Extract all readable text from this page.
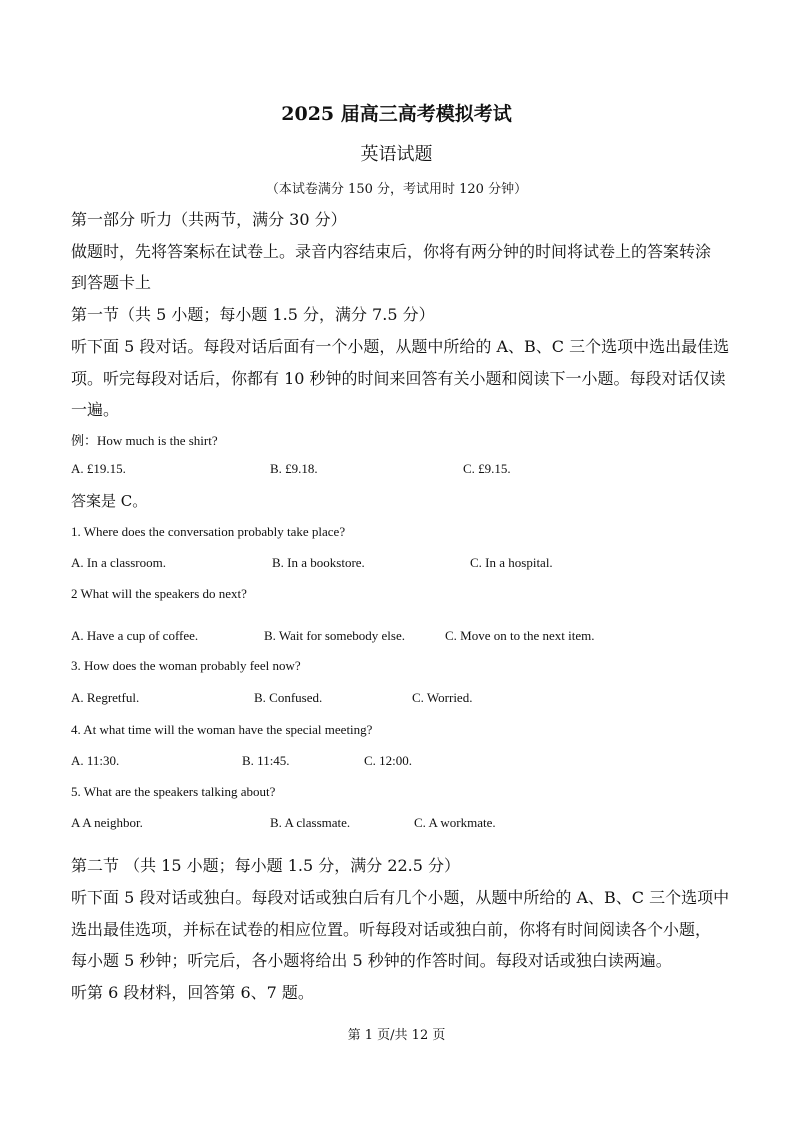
2025 届高三高考模拟考试
英语试题
（本试卷满分 150 分，考试用时 120 分钟）
第一部分 听力（共两节，满分 30 分）
做题时，先将答案标在试卷上。录音内容结束后，你将有两分钟的时间将试卷上的答案转涂
到答题卡上
第一节（共 5 小题；每小题 1.5 分，满分 7.5 分）
听下面 5 段对话。每段对话后面有一个小题，从题中所给的 A、B、C 三个选项中选出最佳选
项。听完每段对话后，你都有 10 秒钟的时间来回答有关小题和阅读下一小题。每段对话仅读
一遍。
例：How much is the shirt?
A. £19.15.	B. £9.18.	C. £9.15.
答案是 C。
1. Where does the conversation probably take place?
A. In a classroom.	B. In a bookstore.	C. In a hospital.
2 What will the speakers do next?
A. Have a cup of coffee.	B. Wait for somebody else.	C. Move on to the next item.
3. How does the woman probably feel now?
A. Regretful.	B. Confused.	C. Worried.
4. At what time will the woman have the special meeting?
A. 11:30.	B. 11:45.	C. 12:00.
5. What are the speakers talking about?
A A neighbor.	B. A classmate.	C. A workmate.
第二节 （共 15 小题；每小题 1.5 分，满分 22.5 分）
听下面 5 段对话或独白。每段对话或独白后有几个小题，从题中所给的 A、B、C 三个选项中
选出最佳选项，并标在试卷的相应位置。听每段对话或独白前，你将有时间阅读各个小题，
每小题 5 秒钟；听完后，各小题将给出 5 秒钟的作答时间。每段对话或独白读两遍。
听第 6 段材料，回答第 6、7 题。
第 1 页/共 12 页
